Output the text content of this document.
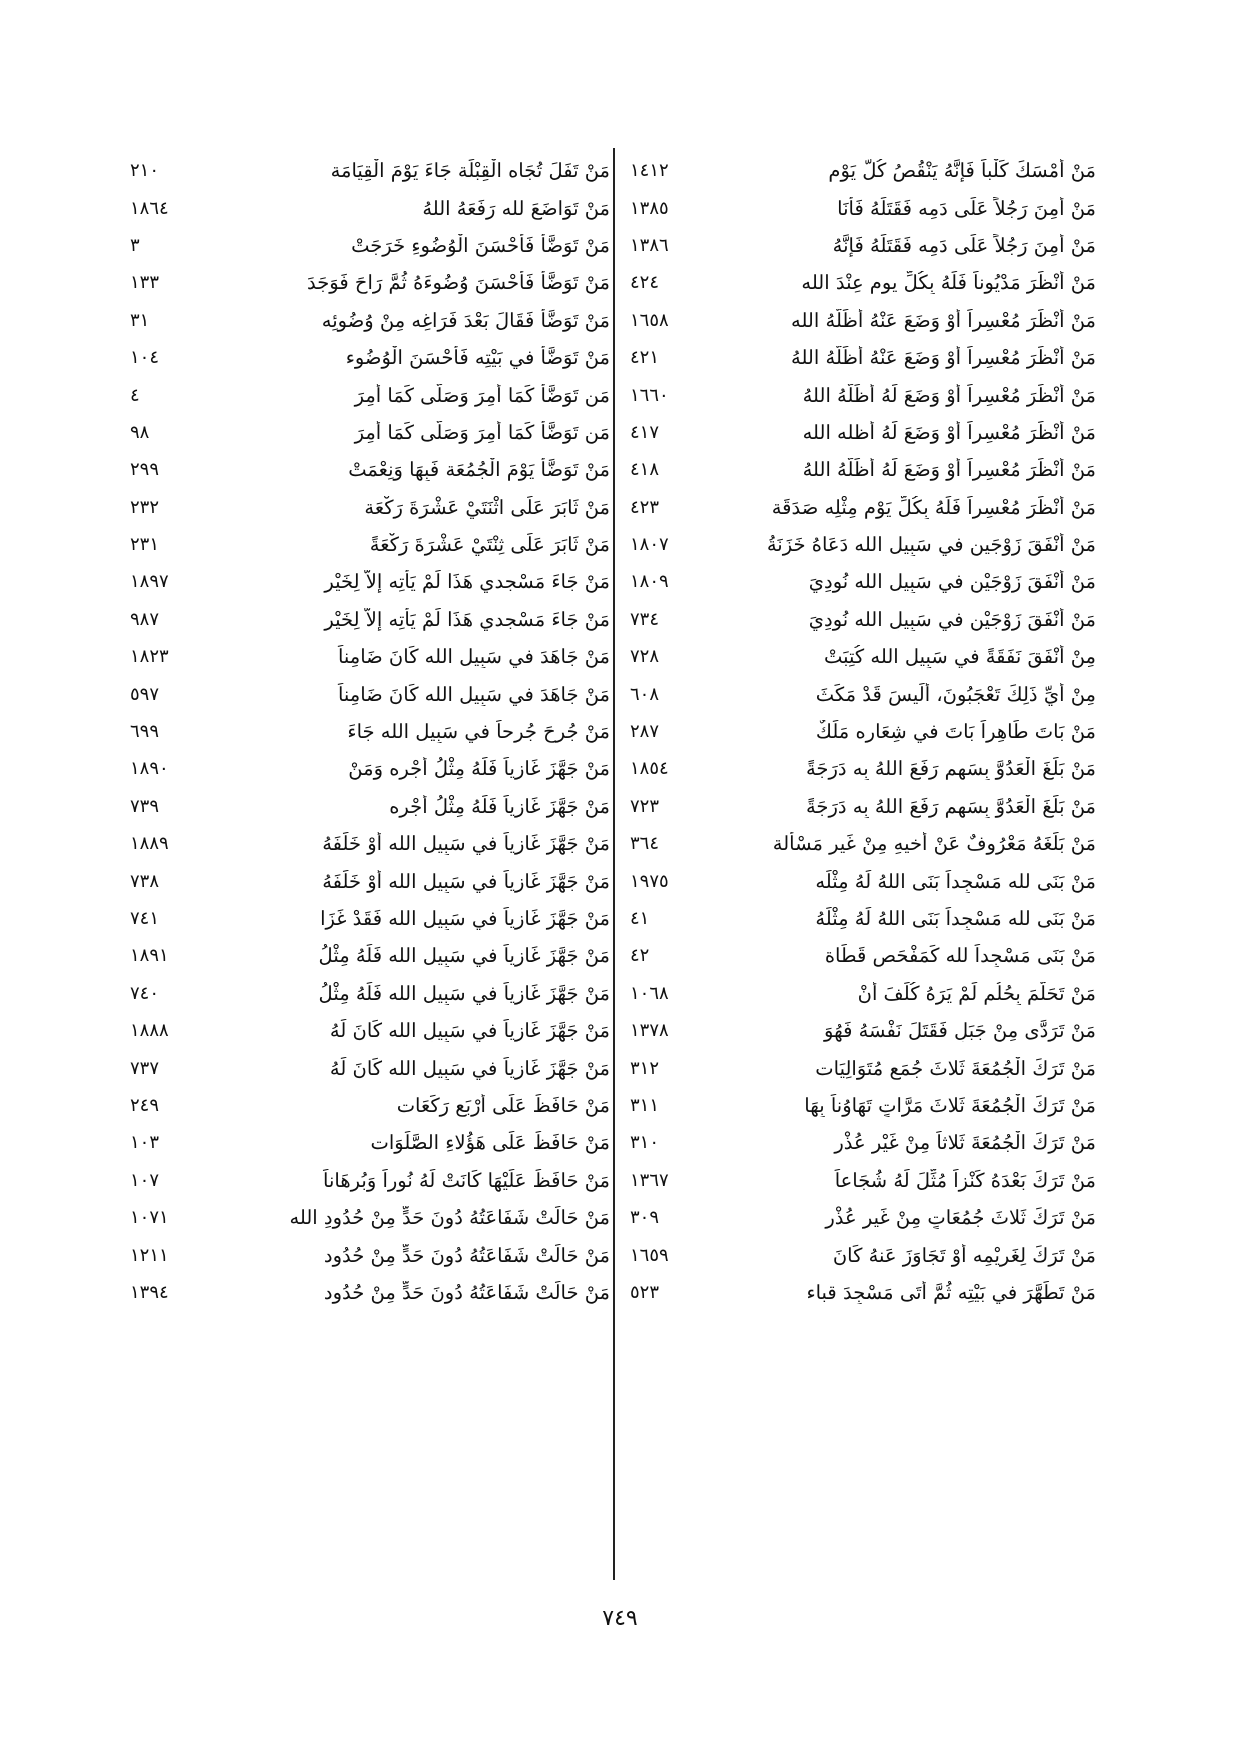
مَنْ أَمْسَكَ كَلْباً فَإِنَّهُ يَنْقُصُ كُلَّ يَوْمٍ
١٤١٢
مَنْ أَمِنَ رَجُلاً عَلَى دَمِه فَقَتَلَهُ فَأَنَا
١٣٨٥
مَنْ أَمِنَ رَجُلاً عَلَى دَمِه فَقَتَلَهُ فَإِنَّهُ
١٣٨٦
مَنْ أَنْظَرَ مَدْيُوناً فَلَهُ بِكُلِّ يوم عِنْدَ الله
٤٢٤
مَنْ أَنْظَرَ مُعْسِراً أَوْ وَضَعَ عَنْهُ أَظَلَّهُ الله
١٦٥٨
مَنْ أَنْظَرَ مُعْسِراً أَوْ وَضَعَ عَنْهُ أَظَلَّهُ اللهُ
٤٢١
مَنْ أَنْظَرَ مُعْسِراً أَوْ وَضَعَ لَهُ أَظَلَّهُ اللهُ
١٦٦٠
مَنْ أَنْظَرَ مُعْسِراً أَوْ وَضَعَ لَهُ أظله الله
٤١٧
مَنْ أَنْظَرَ مُعْسِراً أَوْ وَضَعَ لَهُ أَظَلَّهُ اللهُ
٤١٨
مَنْ أَنْظَرَ مُعْسِراً فَلَهُ بِكُلِّ يَوْمٍ مِثْلِه صَدَقَة
٤٢٣
مَنْ أَنْفَقَ زَوْجَينِ في سَبِيلِ الله دَعَاهُ خَزَنَةُ
١٨٠٧
مَنْ أَنْفَقَ زَوْجَيْنِ في سَبِيلِ الله نُودِيَ
١٨٠٩
مَنْ أَنْفَقَ زَوْجَيْنِ في سَبِيلِ الله نُودِيَ
٧٣٤
مِنْ أَنْفَقَ نَفَقَةً في سَبِيلِ الله كُتِبَتْ
٧٢٨
مِنْ أَيِّ ذَلِكَ تَعْجَبُونَ، أَلَيسَ قَدْ مَكَثَ
٦٠٨
مَنْ بَاتَ طَاهِراً بَاتَ في شِعَارِه مَلَكٌ
٢٨٧
مَنْ بَلَغَ الْعَدُوَّ بِسَهمٍ رَفَعَ اللهُ بِه دَرَجَةً
١٨٥٤
مَنْ بَلَغَ الْعَدُوَّ بِسَهمٍ رَفَعَ اللهُ بِه دَرَجَةً
٧٢٣
مَنْ بَلَغَهُ مَعْرُوفٌ عَنْ أَخيهِ مِنْ غَيرِ مَسْأَلة
٣٦٤
مَنْ بَنَى لله مَسْجِداً بَنَى اللهُ لَهُ مِثْلَه
١٩٧٥
مَنْ بَنَى لله مَسْجِداً بَنَى اللهُ لَهُ مِثْلَهُ
٤١
مَنْ بَنَى مَسْجِداً لله كَمَفْحَصِ قَطَاة
٤٢
مَنْ تَحَلَّمَ بِحُلُمٍ لَمْ يَرَهُ كُلِّفَ أَنْ
١٠٦٨
مَنْ تَرَدَّى مِنْ جَبَلٍ فَقَتَلَ نَفْسَهُ فَهُوَ
١٣٧٨
مَنْ تَرَكَ الْجُمُعَةَ ثَلاثَ جُمَعٍ مُتَوَالِيَات
٣١٢
مَنْ تَرَكَ الْجُمُعَةَ ثَلاثَ مَرَّاتٍ تَهَاوُناً بِهَا
٣١١
مَنْ تَرَكَ الْجُمُعَةَ ثَلاثاً مِنْ غَيْرِ عُذْرٍ
٣١٠
مَنْ تَرَكَ بَعْدَهُ كَنْزاً مُثِّلَ لَهُ شُجَاعاً
١٣٦٧
مَنْ تَرَكَ ثَلاثَ جُمُعَاتٍ مِنْ غَيرِ عُذْرٍ
٣٠٩
مَنْ تَرَكَ لِغَرِيْمِه أَوْ تَجَاوَزَ عَنهُ كَانَ
١٦٥٩
مَنْ تَطَهَّرَ في بَيْتِه ثُمَّ أَتَى مَسْجِدَ قباء
٥٢٣
مَنْ تَفَلَ تُجَاه الْقِبْلَة جَاءَ يَوْمَ الْقِيَامَة
٢١٠
مَنْ تَوَاضَعَ لله رَفَعَهُ اللهُ
١٨٦٤
مَنْ تَوَضَّأَ فَأَحْسَنَ الْوُضُوءِ خَرَجَتْ
٣
مَنْ تَوَضَّأَ فَأَحْسَنَ وُضُوءَهُ ثُمَّ رَاحَ فَوَجَدَ
١٣٣
مَنْ تَوَضَّأَ فَقَالَ بَعْدَ فَرَاغِه مِنْ وُضُوئِه
٣١
مَنْ تَوَضَّأَ في بَيْتِه فَأَحْسَنَ الْوُضُوء
١٠٤
مَن تَوَضَّأَ كَمَا أُمِرَ وَصَلَّى كَمَا أُمِرَ
٤
مَن تَوَضَّأَ كَمَا أُمِرَ وَصَلَّى كَمَا أُمِرَ
٩٨
مَنْ تَوَضَّأَ يَوْمَ الْجُمُعَة فَبِهَا وَنِعْمَتْ
٢٩٩
مَنْ ثَابَرَ عَلَى اثْنَتَيْ عَشْرَةَ رَكْعَة
٢٣٢
مَنْ ثَابَرَ عَلَى ثِنْتَيْ عَشْرَةَ رَكْعَةً
٢٣١
مَنْ جَاءَ مَسْجدي هَذَا لَمْ يَأْتِه إِلاَّ لِخَيْرٍ
١٨٩٧
مَنْ جَاءَ مَسْجدي هَذَا لَمْ يَأْتِه إِلاَّ لِخَيْرٍ
٩٨٧
مَنْ جَاهَدَ في سَبِيلِ الله كَانَ ضَامِناً
١٨٢٣
مَنْ جَاهَدَ في سَبِيلِ الله كَانَ ضَامِناً
٥٩٧
مَنْ جُرِحَ جُرحاً في سَبِيلِ الله جَاءَ
٦٩٩
مَنْ جَهَّزَ غَازِياً فَلَهُ مِثْلُ أَجْرِه وَمَنْ
١٨٩٠
مَنْ جَهَّزَ غَازِياً فَلَهُ مِثْلُ أَجْرِه
٧٣٩
مَنْ جَهَّزَ غَازِياً في سَبِيلِ الله أَوْ خَلَفَهُ
١٨٨٩
مَنْ جَهَّزَ غَازِياً في سَبِيلِ الله أَوْ خَلَفَهُ
٧٣٨
مَنْ جَهَّزَ غَازِياً في سَبِيلِ الله فَقَدْ غَزَا
٧٤١
مَنْ جَهَّزَ غَازِياً في سَبِيلِ الله فَلَهُ مِثْلُ
١٨٩١
مَنْ جَهَّزَ غَازِياً في سَبِيلِ الله فَلَهُ مِثْلُ
٧٤٠
مَنْ جَهَّزَ غَازِياً في سَبِيلِ الله كَانَ لَهُ
١٨٨٨
مَنْ جَهَّزَ غَازِياً في سَبِيلِ الله كَانَ لَهُ
٧٣٧
مَنْ حَافَظَ عَلَى أَرْبَعِ رَكَعَات
٢٤٩
مَنْ حَافَظَ عَلَى هَؤُلاءِ الصَّلَوَات
١٠٣
مَنْ حَافَظَ عَلَيْهَا كَانَتْ لَهُ نُوراً وَبُرهَاناً
١٠٧
مَنْ حَالَتْ شَفَاعَتُهُ دُونَ حَدٍّ مِنْ حُدُودِ الله
١٠٧١
مَنْ حَالَتْ شَفَاعَتُهُ دُونَ حَدٍّ مِنْ حُدُود
١٢١١
مَنْ حَالَتْ شَفَاعَتُهُ دُونَ حَدٍّ مِنْ حُدُود
١٣٩٤
٧٤٩
